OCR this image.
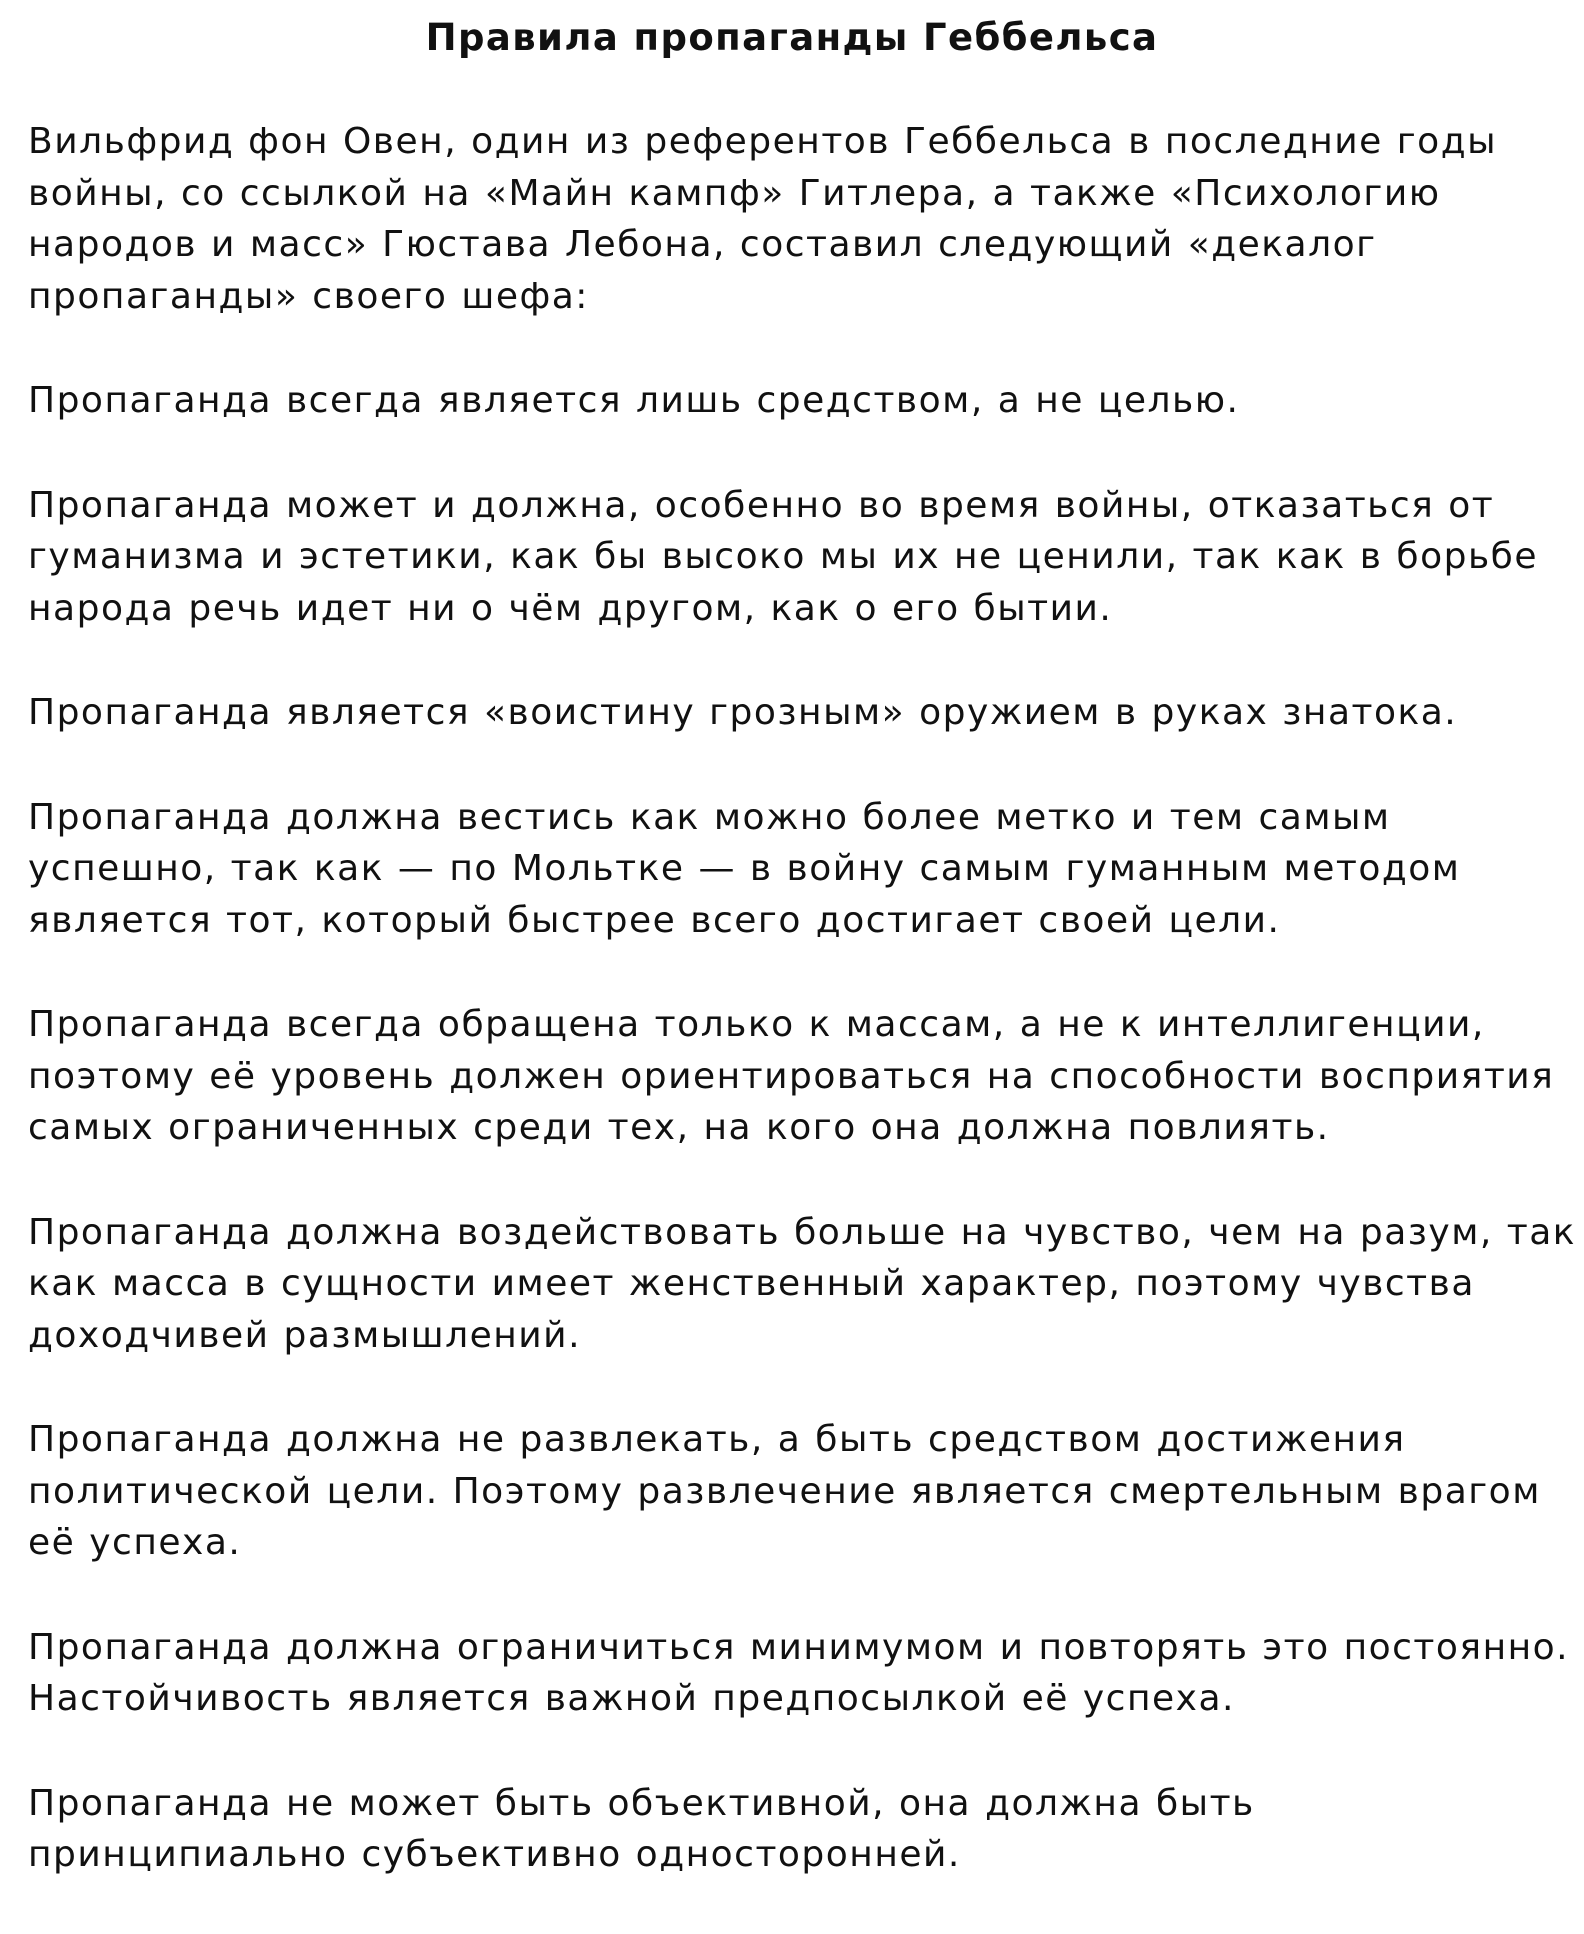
Правила пропаганды Геббельса

Вильфрид фон Овен, один из референтов Геббельса в последние годы войны, со ссылкой на «Майн кампф» Гитлера, а также «Психологию народов и масс» Гюстава Лебона, составил следующий «декалог пропаганды» своего шефа:

Пропаганда всегда является лишь средством, а не целью.

Пропаганда может и должна, особенно во время войны, отказаться от гуманизма и эстетики, как бы высоко мы их не ценили, так как в борьбе народа речь идет ни о чём другом, как о его бытии.

Пропаганда является «воистину грозным» оружием в руках знатока.

Пропаганда должна вестись как можно более метко и тем самым успешно, так как — по Мольтке — в войну самым гуманным методом является тот, который быстрее всего достигает своей цели.

Пропаганда всегда обращена только к массам, а не к интеллигенции, поэтому её уровень должен ориентироваться на способности восприятия самых ограниченных среди тех, на кого она должна повлиять.

Пропаганда должна воздействовать больше на чувство, чем на разум, так как масса в сущности имеет женственный характер, поэтому чувства доходчивей размышлений.

Пропаганда должна не развлекать, а быть средством достижения политической цели. Поэтому развлечение является смертельным врагом её успеха.

Пропаганда должна ограничиться минимумом и повторять это постоянно. Настойчивость является важной предпосылкой её успеха.

Пропаганда не может быть объективной, она должна быть принципиально субъективно односторонней.
